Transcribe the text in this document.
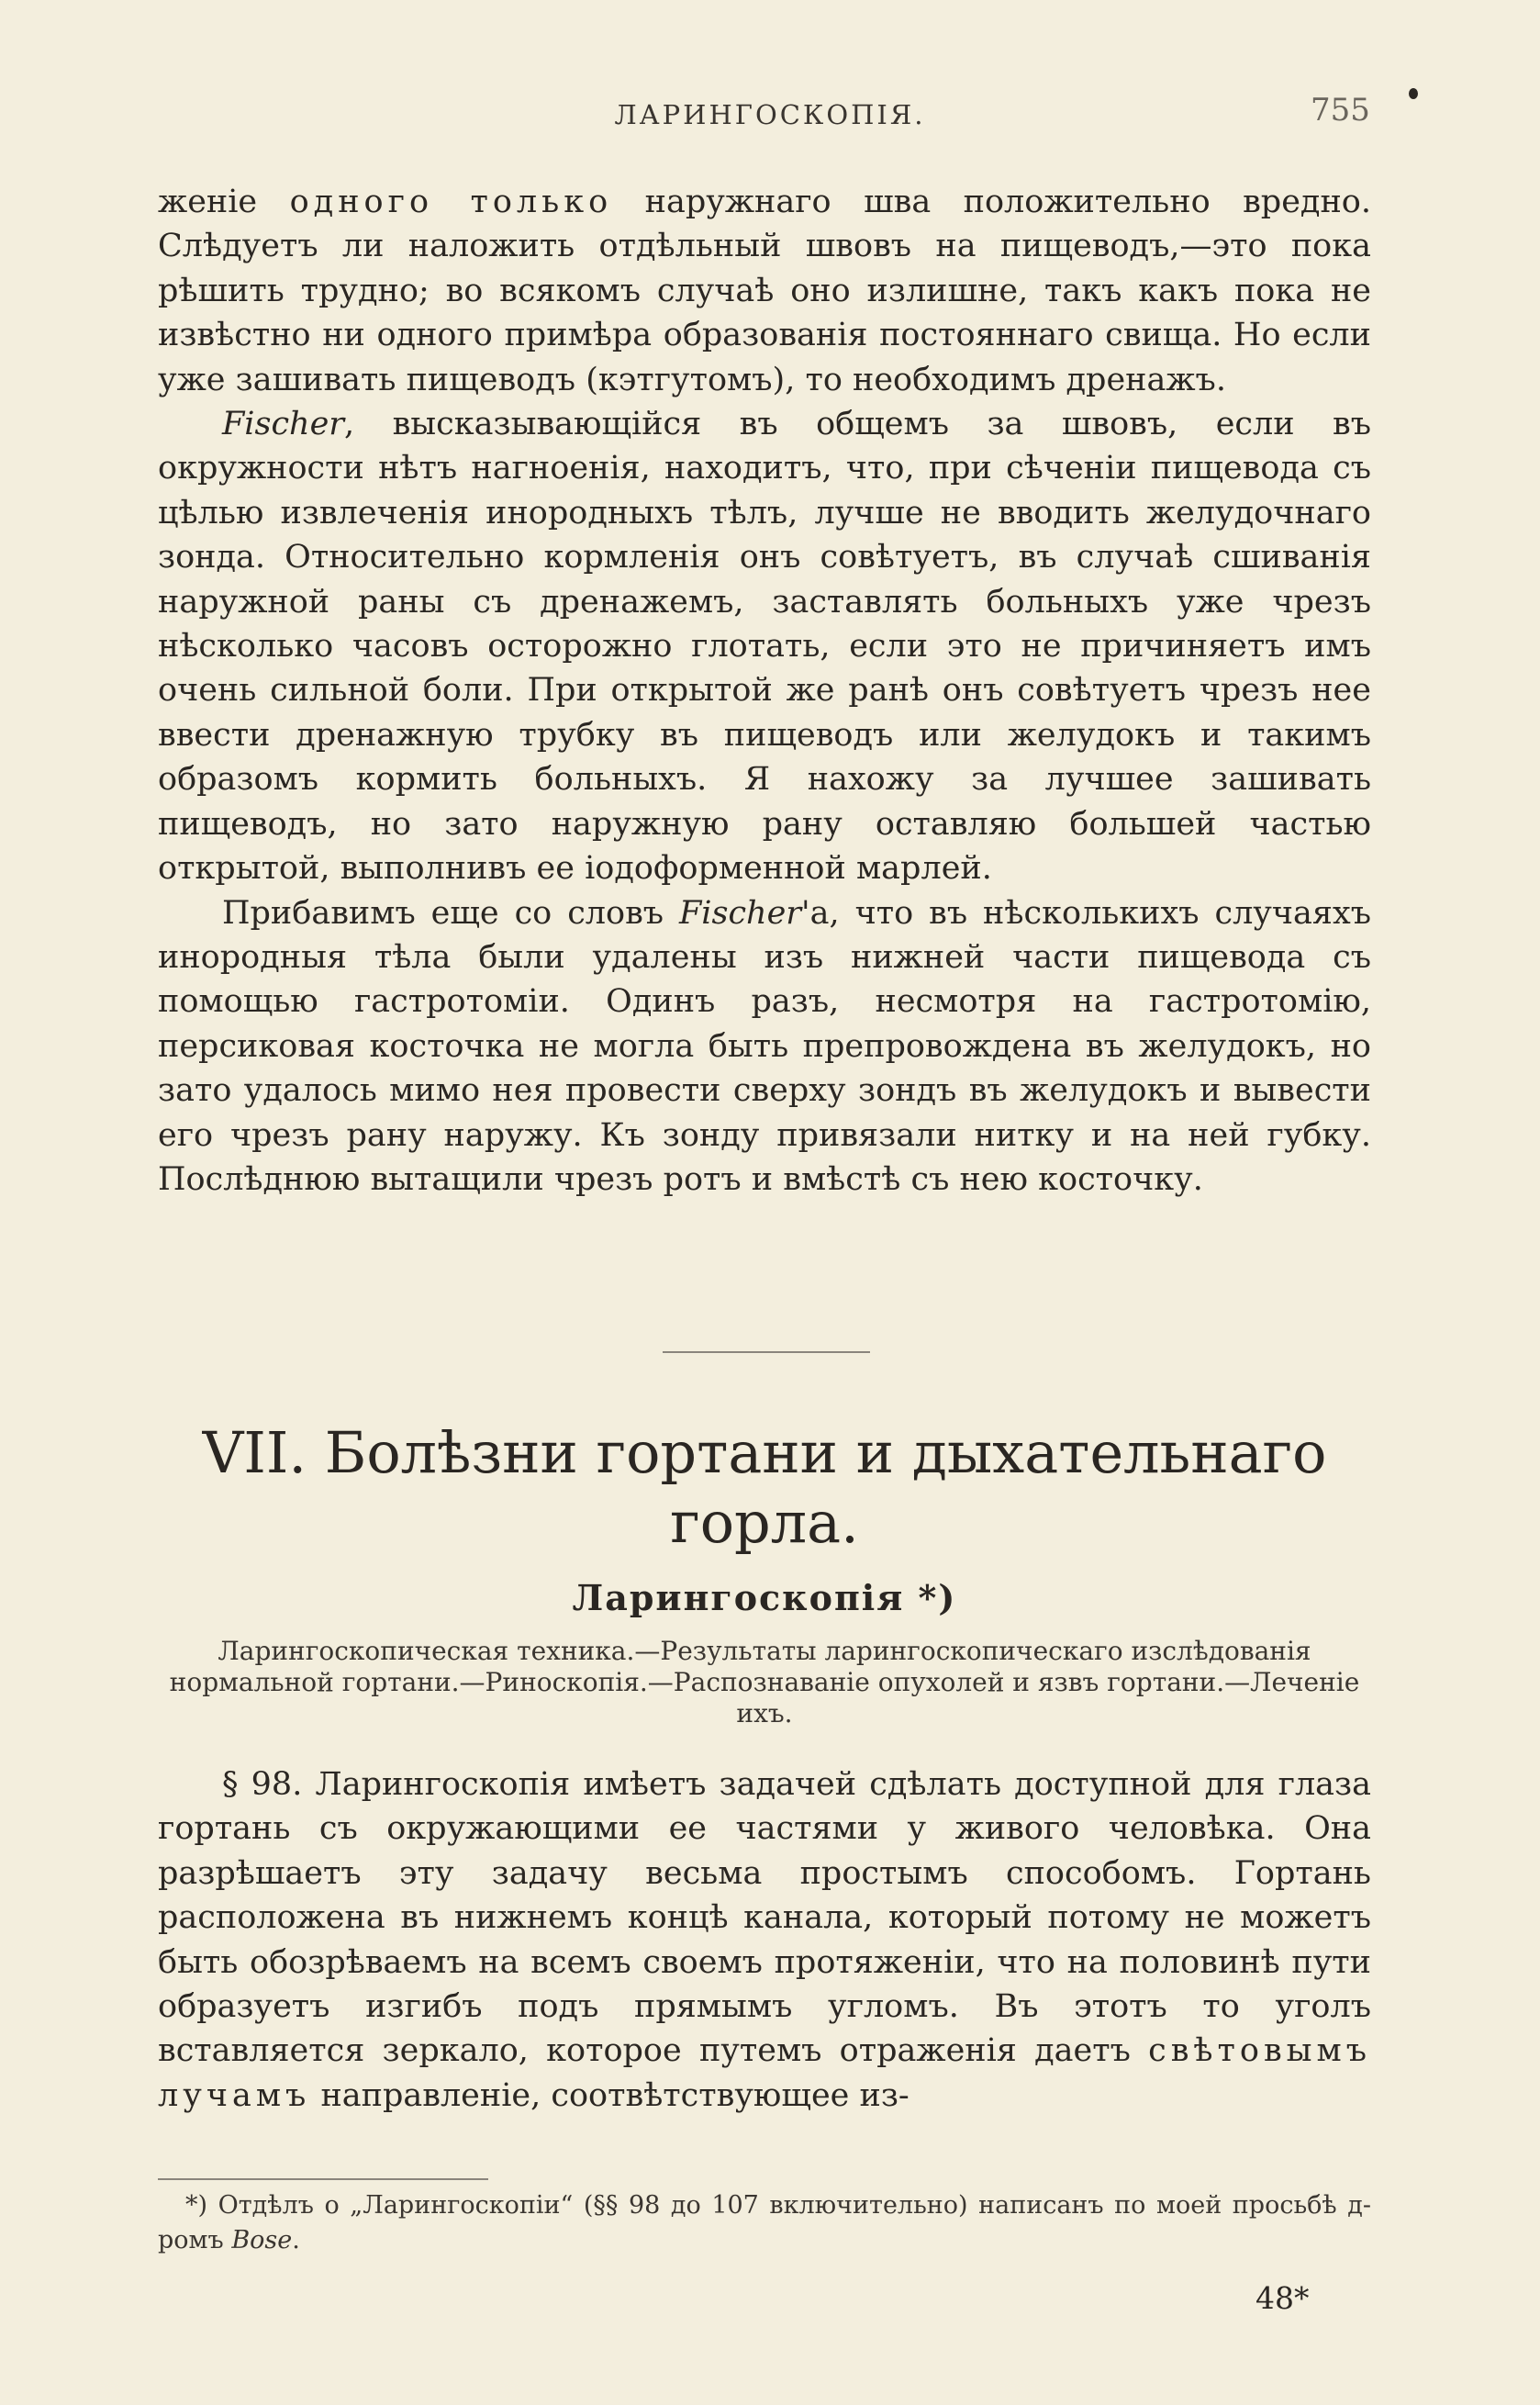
ЛАРИНГОСКОПІЯ.	755

женіе одного только наружнаго шва положительно вредно. Слѣдуетъ ли наложить отдѣльный швовъ на пищеводъ,—это пока рѣшить трудно; во всякомъ случаѣ оно излишне, такъ какъ пока не извѣстно ни одного примѣра образованія постояннаго свища. Но если уже зашивать пищеводъ (кэтгутомъ), то необходимъ дренажъ.

Fischer, высказывающійся въ общемъ за швовъ, если въ окружности нѣтъ нагноенія, находитъ, что, при сѣченіи пищевода съ цѣлью извлеченія инородныхъ тѣлъ, лучше не вводить желудочнаго зонда. Относительно кормленія онъ совѣтуетъ, въ случаѣ сшиванія наружной раны съ дренажемъ, заставлять больныхъ уже чрезъ нѣсколько часовъ осторожно глотать, если это не причиняетъ имъ очень сильной боли. При открытой же ранѣ онъ совѣтуетъ чрезъ нее ввести дренажную трубку въ пищеводъ или желудокъ и такимъ образомъ кормить больныхъ. Я нахожу за лучшее зашивать пищеводъ, но зато наружную рану оставляю большей частью открытой, выполнивъ ее іодоформенной марлей.

Прибавимъ еще со словъ Fischer'а, что въ нѣсколькихъ случаяхъ инородныя тѣла были удалены изъ нижней части пищевода съ помощью гастротоміи. Одинъ разъ, несмотря на гастротомію, персиковая косточка не могла быть препровождена въ желудокъ, но зато удалось мимо нея провести сверху зондъ въ желудокъ и вывести его чрезъ рану наружу. Къ зонду привязали нитку и на ней губку. Послѣднюю вытащили чрезъ ротъ и вмѣстѣ съ нею косточку.

VII. Болѣзни гортани и дыхательнаго
горла.
Ларингоскопія *)
Ларингоскопическая техника.—Результаты ларингоскопическаго изслѣдованія нормальной гортани.—Риноскопія.—Распознаваніе опухолей и язвъ гортани.—Леченіе ихъ.

§ 98. Ларингоскопія имѣетъ задачей сдѣлать доступной для глаза гортань съ окружающими ее частями у живого человѣка. Она разрѣшаетъ эту задачу весьма простымъ способомъ. Гортань расположена въ нижнемъ концѣ канала, который потому не можетъ быть обозрѣваемъ на всемъ своемъ протяженіи, что на половинѣ пути образуетъ изгибъ подъ прямымъ угломъ. Въ этотъ то уголъ вставляется зеркало, которое путемъ отраженія даетъ свѣтовымъ лучамъ направленіе, соотвѣтствующее из-

*) Отдѣлъ о „Ларингоскопіи“ (§§ 98 до 107 включительно) написанъ по моей просьбѣ д-ромъ Bose.
48*
